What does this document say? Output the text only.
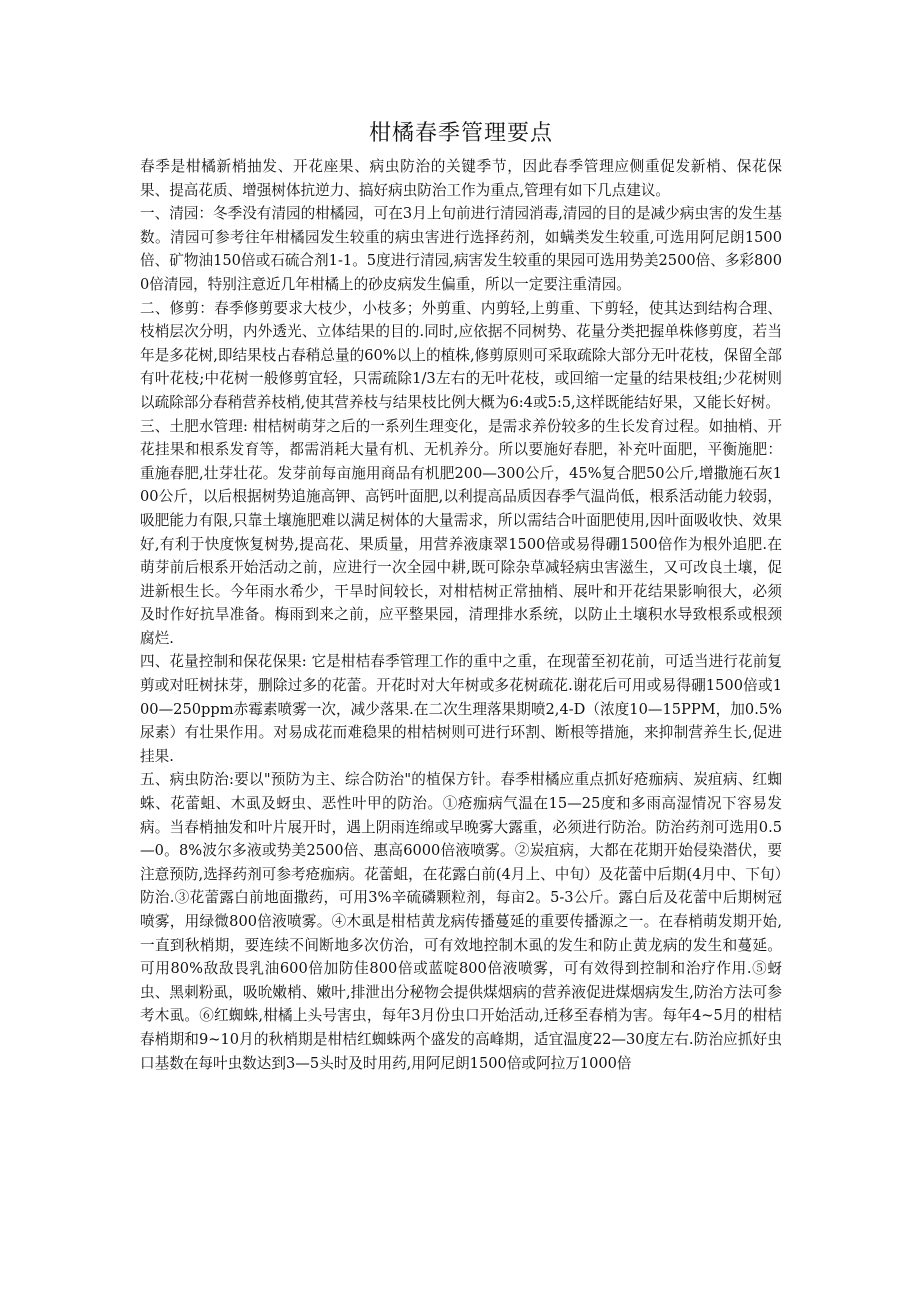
柑橘春季管理要点

春季是柑橘新梢抽发、开花座果、病虫防治的关键季节，因此春季管理应侧重促发新梢、保花保果、提高花质、增强树体抗逆力、搞好病虫防治工作为重点,管理有如下几点建议。

一、清园：冬季没有清园的柑橘园，可在3月上旬前进行清园消毒,清园的目的是减少病虫害的发生基数。清园可参考往年柑橘园发生较重的病虫害进行选择药剂，如螨类发生较重,可选用阿尼朗1500倍、矿物油150倍或石硫合剂1-1。5度进行清园,病害发生较重的果园可选用势美2500倍、多彩8000倍清园，特别注意近几年柑橘上的砂皮病发生偏重，所以一定要注重清园。

二、修剪：春季修剪要求大枝少，小枝多；外剪重、内剪轻,上剪重、下剪轻，使其达到结构合理、枝梢层次分明，内外透光、立体结果的目的.同时,应依据不同树势、花量分类把握单株修剪度，若当年是多花树,即结果枝占春稍总量的60%以上的植株,修剪原则可采取疏除大部分无叶花枝，保留全部有叶花枝;中花树一般修剪宜轻，只需疏除1/3左右的无叶花枝，或回缩一定量的结果枝组;少花树则以疏除部分春稍营养枝梢,使其营养枝与结果枝比例大概为6:4或5:5,这样既能结好果，又能长好树。

三、土肥水管理: 柑桔树萌芽之后的一系列生理变化，是需求养份较多的生长发育过程。如抽梢、开花挂果和根系发育等，都需消耗大量有机、无机养分。所以要施好春肥，补充叶面肥，平衡施肥：重施春肥,壮芽壮花。发芽前每亩施用商品有机肥200—300公斤，45%复合肥50公斤,增撒施石灰100公斤，以后根据树势追施高钾、高钙叶面肥,以利提高品质因春季气温尚低，根系活动能力较弱，吸肥能力有限,只靠土壤施肥难以满足树体的大量需求，所以需结合叶面肥使用,因叶面吸收快、效果好,有利于快度恢复树势,提高花、果质量，用营养液康翠1500倍或易得硼1500倍作为根外追肥.在萌芽前后根系开始活动之前，应进行一次全园中耕,既可除杂草减轻病虫害滋生，又可改良土壤，促进新根生长。今年雨水希少，干旱时间较长，对柑桔树正常抽梢、展叶和开花结果影响很大，必须及时作好抗旱准备。梅雨到来之前，应平整果园，清理排水系统，以防止土壤积水导致根系或根颈腐烂.

四、花量控制和保花保果: 它是柑桔春季管理工作的重中之重，在现蕾至初花前，可适当进行花前复剪或对旺树抹芽，删除过多的花蕾。开花时对大年树或多花树疏花.谢花后可用或易得硼1500倍或100—250ppm赤霉素喷雾一次，减少落果.在二次生理落果期喷2,4-D（浓度10—15PPM，加0.5%尿素）有壮果作用。对易成花而难稳果的柑桔树则可进行环割、断根等措施，来抑制营养生长,促进挂果.

五、病虫防治:要以"预防为主、综合防治"的植保方针。春季柑橘应重点抓好疮痂病、炭疽病、红蜘蛛、花蕾蛆、木虱及蚜虫、恶性叶甲的防治。①疮痂病气温在15—25度和多雨高湿情况下容易发病。当春梢抽发和叶片展开时，遇上阴雨连绵或早晚雾大露重，必须进行防治。防治药剂可选用0.5—0。8%波尔多液或势美2500倍、惠高6000倍液喷雾。②炭疽病，大都在花期开始侵染潜伏，要注意预防,选择药剂可参考疮痂病。花蕾蛆，在花露白前(4月上、中旬）及花蕾中后期(4月中、下旬）防治.③花蕾露白前地面撒药，可用3%辛硫磷颗粒剂，每亩2。5-3公斤。露白后及花蕾中后期树冠喷雾，用绿微800倍液喷雾。④木虱是柑桔黄龙病传播蔓延的重要传播源之一。在春梢萌发期开始,一直到秋梢期，要连续不间断地多次仿治，可有效地控制木虱的发生和防止黄龙病的发生和蔓延。可用80%敌敌畏乳油600倍加防佳800倍或蓝啶800倍液喷雾，可有效得到控制和治疗作用.⑤蚜虫、黑刺粉虱，吸吮嫩梢、嫩叶,排泄出分秘物会提供煤烟病的营养液促进煤烟病发生,防治方法可参考木虱。⑥红蜘蛛,柑橘上头号害虫，每年3月份虫口开始活动,迁移至春梢为害。每年4~5月的柑桔春梢期和9~10月的秋梢期是柑桔红蜘蛛两个盛发的高峰期，适宜温度22—30度左右.防治应抓好虫口基数在每叶虫数达到3—5头时及时用药,用阿尼朗1500倍或阿拉万1000倍
